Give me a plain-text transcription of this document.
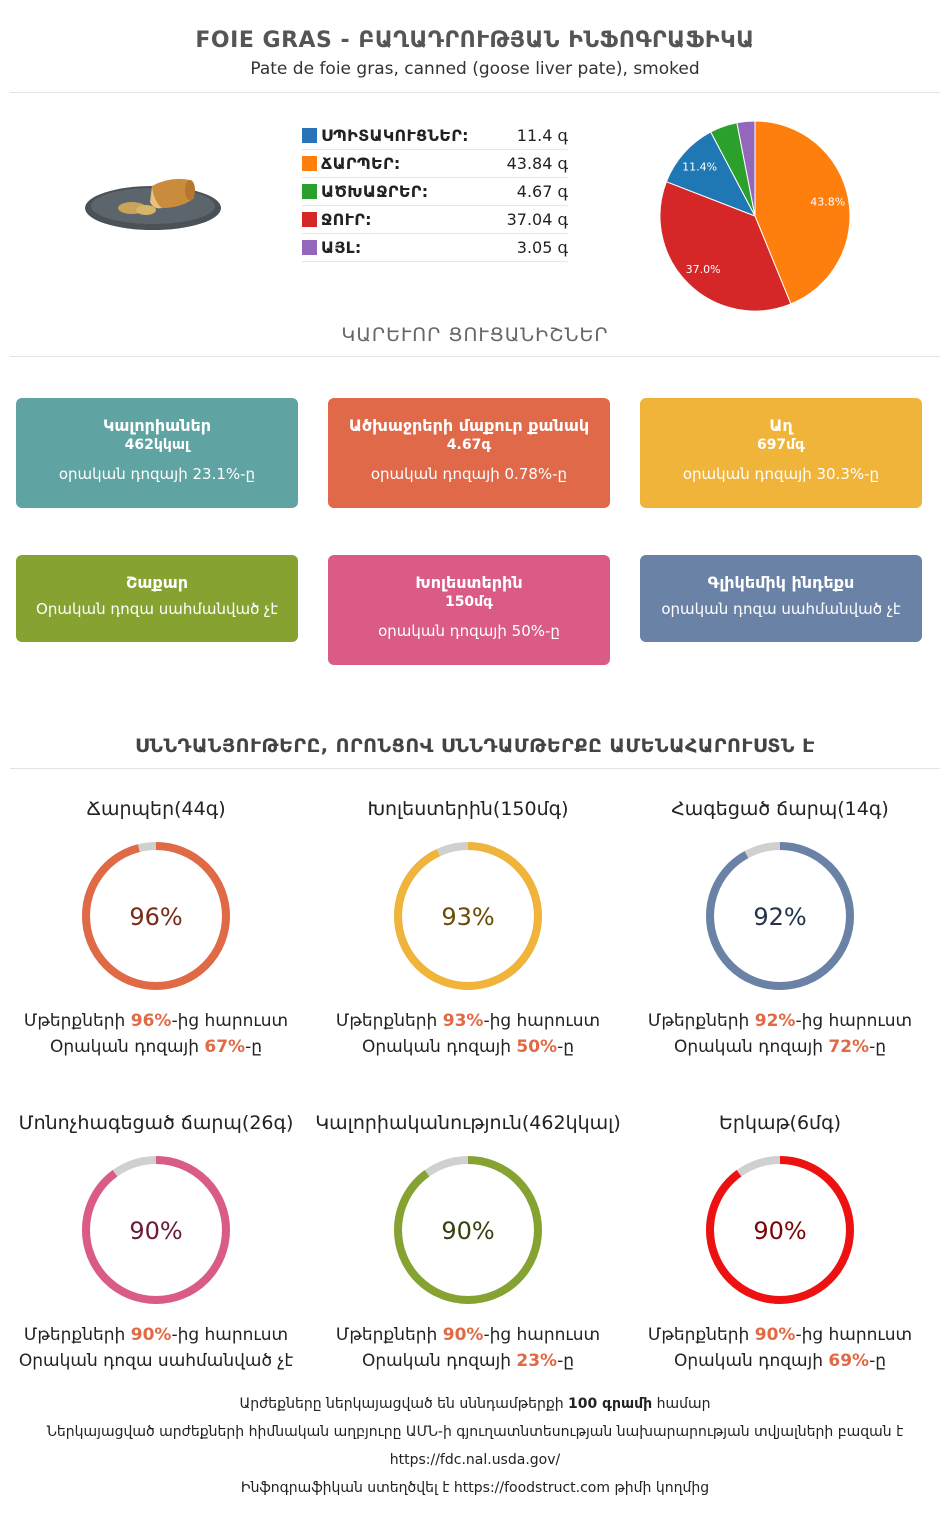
FOIE GRAS - ԲԱՂԱԴՐՈՒԹՅԱՆ ԻՆՖՈԳՐԱՖԻԿԱ
Pate de foie gras, canned (goose liver pate), smoked
ՍՊԻՏԱԿՈՒՑՆԵՐ:	11.4 գ
ՃԱՐՊԵՐ:	43.84 գ
ԱԾԽԱՋՐԵՐ:	4.67 գ
ՋՈՒՐ:	37.04 գ
ԱՅԼ:	3.05 գ
43.8%
37.0%
11.4%
ԿԱՐԵՒՈՐ ՑՈՒՑԱՆԻՇՆԵՐ
Կալորիաներ
462կկալ
օրական դոզայի 23.1%-ը
Ածխաջրերի մաքուր քանակ
4.67գ
օրական դոզայի 0.78%-ը
Աղ
697մգ
օրական դոզայի 30.3%-ը
Շաքար
Օրական դոզա սահմանված չէ
Խոլեստերին
150մգ
օրական դոզայի 50%-ը
Գլիկեմիկ ինդեքս
օրական դոզա սահմանված չէ
ՍՆՆԴԱՆՅՈՒԹԵՐԸ, ՈՐՈՆՑՈՎ ՍՆՆԴԱՄԹԵՐՔԸ ԱՄԵՆԱՀԱՐՈՒՍՏՆ Է
Ճարպեր(44գ)
96%
Մթերքների 96%-ից հարուստ
Օրական դոզայի 67%-ը
Խոլեստերին(150մգ)
93%
Մթերքների 93%-ից հարուստ
Օրական դոզայի 50%-ը
Հագեցած ճարպ(14գ)
92%
Մթերքների 92%-ից հարուստ
Օրական դոզայի 72%-ը
Մոնոչհագեցած ճարպ(26գ)
90%
Մթերքների 90%-ից հարուստ
Օրական դոզա սահմանված չէ
Կալորիականություն(462կկալ)
90%
Մթերքների 90%-ից հարուստ
Օրական դոզայի 23%-ը
Երկաթ(6մգ)
90%
Մթերքների 90%-ից հարուստ
Օրական դոզայի 69%-ը
Արժեքները ներկայացված են սննդամթերքի 100 գրամի համար
Ներկայացված արժեքների հիմնական աղբյուրը ԱՄՆ-ի գյուղատնտեսության նախարարության տվյալների բազան է
https://fdc.nal.usda.gov/
Ինֆոգրաֆիկան ստեղծվել է https://foodstruct.com թիմի կողմից
